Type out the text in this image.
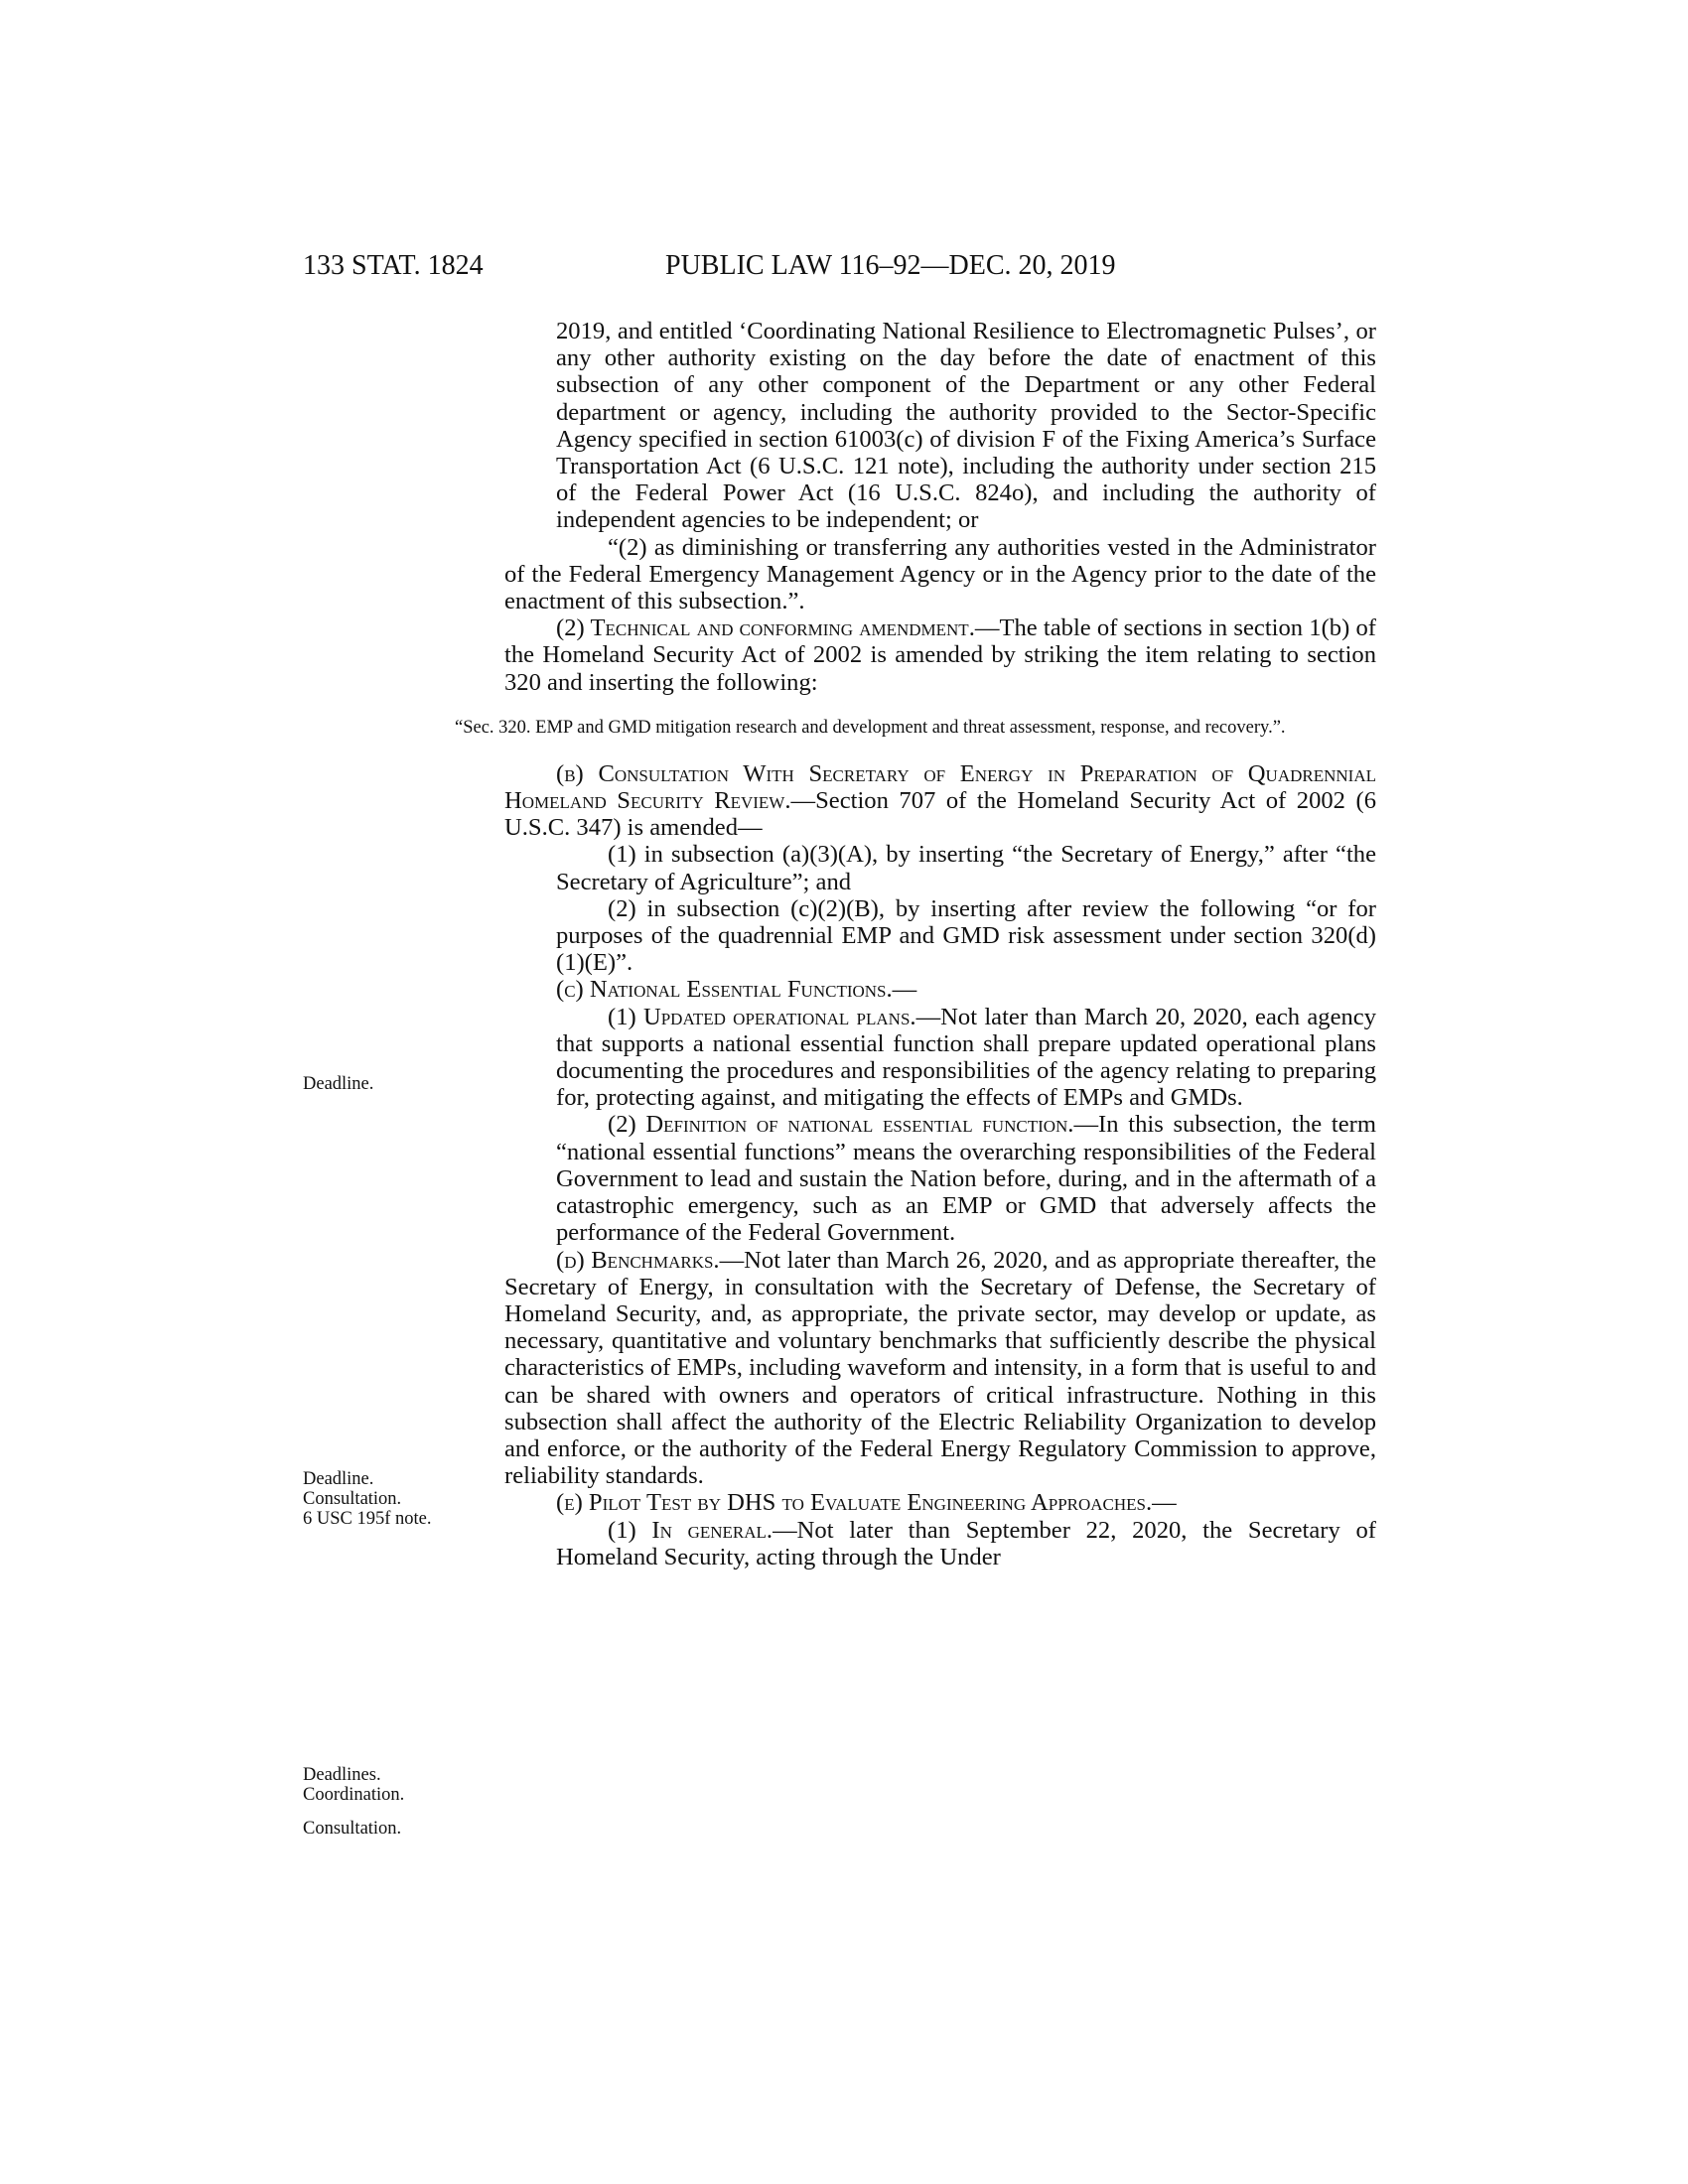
133 STAT. 1824	PUBLIC LAW 116–92—DEC. 20, 2019
Deadline.
Deadline.
Consultation.
6 USC 195f note.
Deadlines.
Coordination.
Consultation.

2019, and entitled ‘Coordinating National Resilience to Electromagnetic Pulses’, or any other authority existing on the day before the date of enactment of this subsection of any other component of the Department or any other Federal department or agency, including the authority provided to the Sector-Specific Agency specified in section 61003(c) of division F of the Fixing America’s Surface Transportation Act (6 U.S.C. 121 note), including the authority under section 215 of the Federal Power Act (16 U.S.C. 824o), and including the authority of independent agencies to be independent; or

“(2) as diminishing or transferring any authorities vested in the Administrator of the Federal Emergency Management Agency or in the Agency prior to the date of the enactment of this subsection.”.

(2) Technical and conforming amendment.—The table of sections in section 1(b) of the Homeland Security Act of 2002 is amended by striking the item relating to section 320 and inserting the following:

“Sec. 320. EMP and GMD mitigation research and development and threat assessment, response, and recovery.”.

(b) Consultation With Secretary of Energy in Preparation of Quadrennial Homeland Security Review.—Section 707 of the Homeland Security Act of 2002 (6 U.S.C. 347) is amended—

(1) in subsection (a)(3)(A), by inserting “the Secretary of Energy,” after “the Secretary of Agriculture”; and

(2) in subsection (c)(2)(B), by inserting after review the following “or for purposes of the quadrennial EMP and GMD risk assessment under section 320(d)(1)(E)”.

(c) National Essential Functions.—

(1) Updated operational plans.—Not later than March 20, 2020, each agency that supports a national essential function shall prepare updated operational plans documenting the procedures and responsibilities of the agency relating to preparing for, protecting against, and mitigating the effects of EMPs and GMDs.

(2) Definition of national essential function.—In this subsection, the term “national essential functions” means the overarching responsibilities of the Federal Government to lead and sustain the Nation before, during, and in the aftermath of a catastrophic emergency, such as an EMP or GMD that adversely affects the performance of the Federal Government.

(d) Benchmarks.—Not later than March 26, 2020, and as appropriate thereafter, the Secretary of Energy, in consultation with the Secretary of Defense, the Secretary of Homeland Security, and, as appropriate, the private sector, may develop or update, as necessary, quantitative and voluntary benchmarks that sufficiently describe the physical characteristics of EMPs, including waveform and intensity, in a form that is useful to and can be shared with owners and operators of critical infrastructure. Nothing in this subsection shall affect the authority of the Electric Reliability Organization to develop and enforce, or the authority of the Federal Energy Regulatory Commission to approve, reliability standards.

(e) Pilot Test by DHS to Evaluate Engineering Approaches.—

(1) In general.—Not later than September 22, 2020, the Secretary of Homeland Security, acting through the Under
